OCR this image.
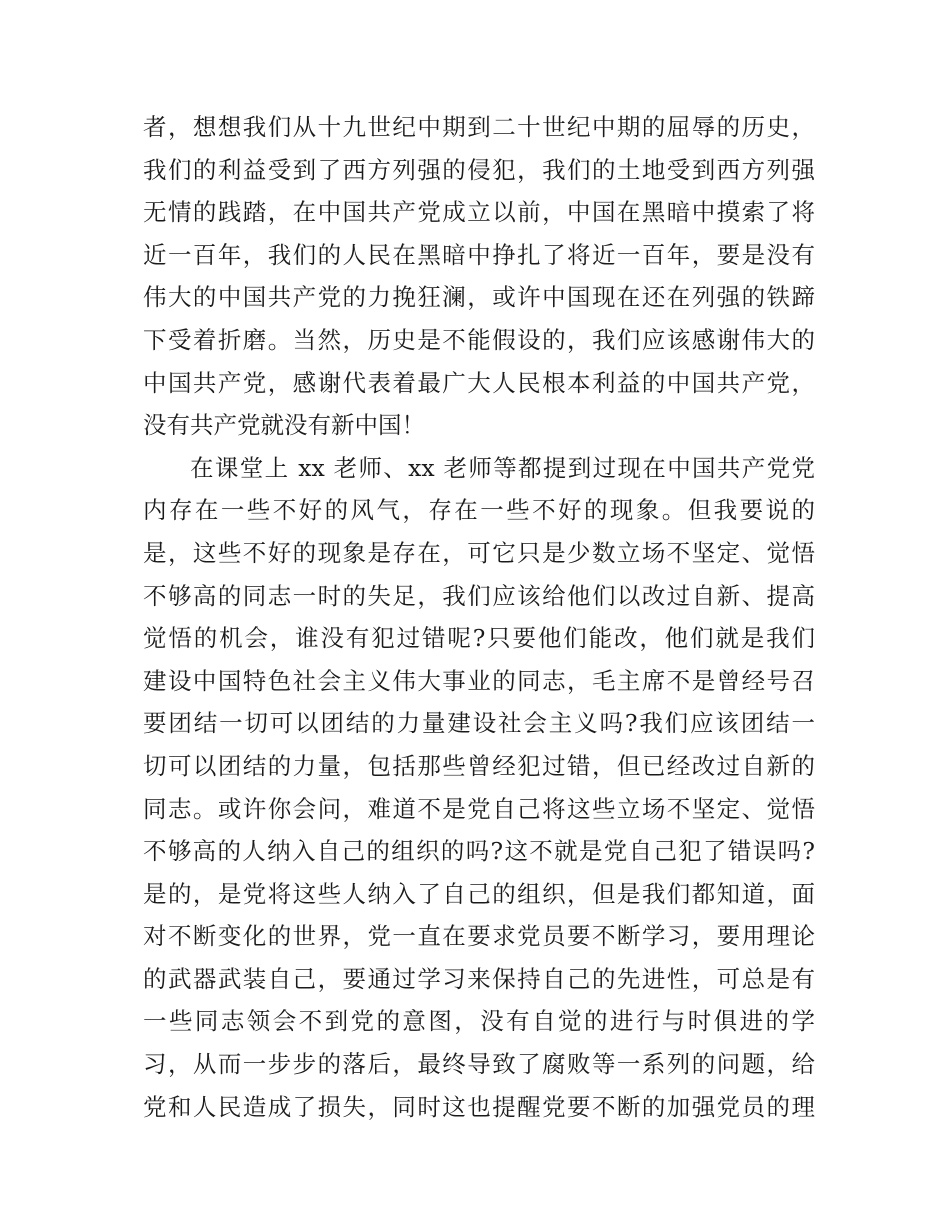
者，想想我们从十九世纪中期到二十世纪中期的屈辱的历史，
我们的利益受到了西方列强的侵犯，我们的土地受到西方列强
无情的践踏，在中国共产党成立以前，中国在黑暗中摸索了将
近一百年，我们的人民在黑暗中挣扎了将近一百年，要是没有
伟大的中国共产党的力挽狂澜，或许中国现在还在列强的铁蹄
下受着折磨。当然，历史是不能假设的，我们应该感谢伟大的
中国共产党，感谢代表着最广大人民根本利益的中国共产党，
没有共产党就没有新中国！
在课堂上 xx 老师、xx 老师等都提到过现在中国共产党党
内存在一些不好的风气，存在一些不好的现象。但我要说的
是，这些不好的现象是存在，可它只是少数立场不坚定、觉悟
不够高的同志一时的失足，我们应该给他们以改过自新、提高
觉悟的机会，谁没有犯过错呢?只要他们能改，他们就是我们
建设中国特色社会主义伟大事业的同志，毛主席不是曾经号召
要团结一切可以团结的力量建设社会主义吗?我们应该团结一
切可以团结的力量，包括那些曾经犯过错，但已经改过自新的
同志。或许你会问，难道不是党自己将这些立场不坚定、觉悟
不够高的人纳入自己的组织的吗?这不就是党自己犯了错误吗?
是的，是党将这些人纳入了自己的组织，但是我们都知道，面
对不断变化的世界，党一直在要求党员要不断学习，要用理论
的武器武装自己，要通过学习来保持自己的先进性，可总是有
一些同志领会不到党的意图，没有自觉的进行与时俱进的学
习，从而一步步的落后，最终导致了腐败等一系列的问题，给
党和人民造成了损失，同时这也提醒党要不断的加强党员的理
